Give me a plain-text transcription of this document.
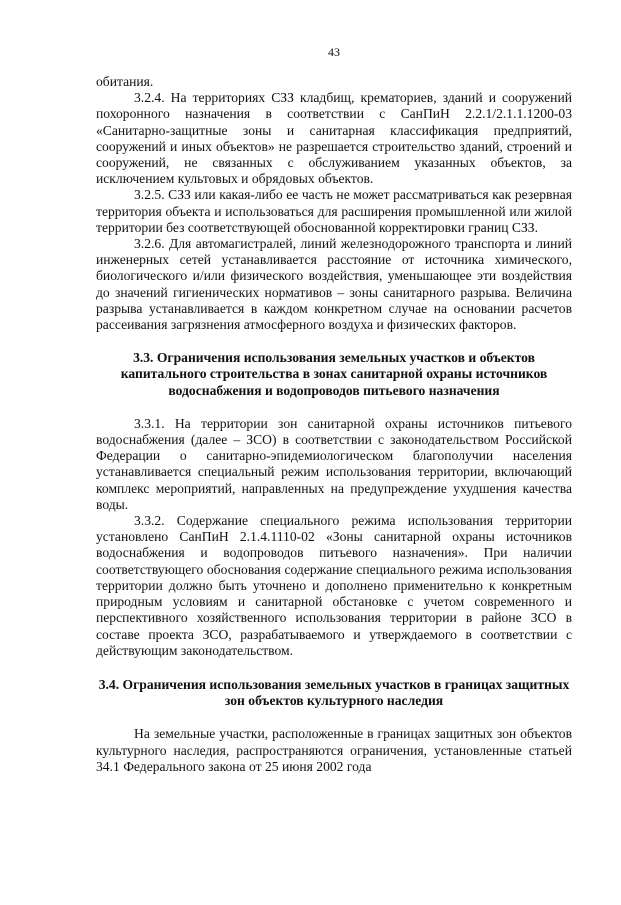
43

обитания.

3.2.4. На территориях СЗЗ кладбищ, крематориев, зданий и сооружений похоронного назначения в соответствии с СанПиН 2.2.1/2.1.1.1200-03 «Санитарно-защитные зоны и санитарная классификация предприятий, сооружений и иных объектов» не разрешается строительство зданий, строений и сооружений, не связанных с обслуживанием указанных объектов, за исключением культовых и обрядовых объектов.

3.2.5. СЗЗ или какая-либо ее часть не может рассматриваться как резервная территория объекта и использоваться для расширения промышленной или жилой территории без соответствующей обоснованной корректировки границ СЗЗ.

3.2.6. Для автомагистралей, линий железнодорожного транспорта и линий инженерных сетей устанавливается расстояние от источника химического, биологического и/или физического воздействия, уменьшающее эти воздействия до значений гигиенических нормативов – зоны санитарного разрыва. Величина разрыва устанавливается в каждом конкретном случае на основании расчетов рассеивания загрязнения атмосферного воздуха и физических факторов.

3.3. Ограничения использования земельных участков и объектов капитального строительства в зонах санитарной охраны источников водоснабжения и водопроводов питьевого назначения

3.3.1. На территории зон санитарной охраны источников питьевого водоснабжения (далее – ЗСО) в соответствии с законодательством Российской Федерации о санитарно-эпидемиологическом благополучии населения устанавливается специальный режим использования территории, включающий комплекс мероприятий, направленных на предупреждение ухудшения качества воды.

3.3.2. Содержание специального режима использования территории установлено СанПиН 2.1.4.1110-02 «Зоны санитарной охраны источников водоснабжения и водопроводов питьевого назначения». При наличии соответствующего обоснования содержание специального режима использования территории должно быть уточнено и дополнено применительно к конкретным природным условиям и санитарной обстановке с учетом современного и перспективного хозяйственного использования территории в районе ЗСО в составе проекта ЗСО, разрабатываемого и утверждаемого в соответствии с действующим законодательством.

3.4. Ограничения использования земельных участков в границах защитных зон объектов культурного наследия

На земельные участки, расположенные в границах защитных зон объектов культурного наследия, распространяются ограничения, установленные статьей 34.1 Федерального закона от 25 июня 2002 года
